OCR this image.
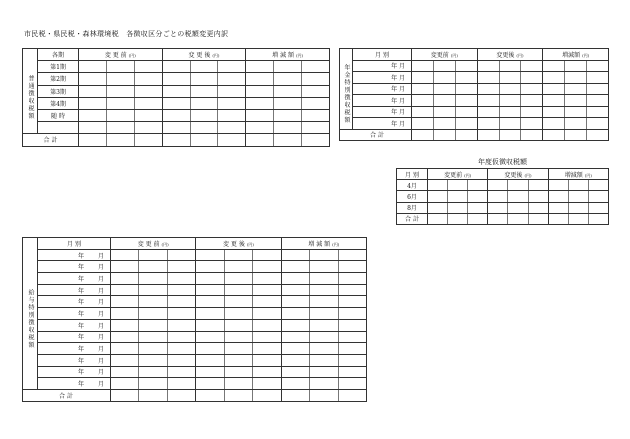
市民税・県民税・森林環境税　各徴収区分ごとの税額変更内訳
	各期	変 更 前 (円)	変 更 後 (円)	増 減 額 (円)
普通徴収税額	第1期	

	第2期	

	第3期	

	第4期	

	随 時	

合 計		

	月 別	変更前 (円)	変更後 (円)	増減額 (円)
年金特別徴収税額	年 月	

	年 月	

	年 月	

	年 月	

	年 月	

	年 月	

合 計		

年度仮徴収税額
月 別	変更前 (円)	変更後 (円)	増減額 (円)
4月	

6月	

8月	

合 計	

	月 別	変 更 前 (円)	変 更 後 (円)	増 減 額 (円)
給与特別徴収税額	年 月	

	年 月	

	年 月	

	年 月	

	年 月	

	年 月	

	年 月	

	年 月	

	年 月	

	年 月	

	年 月	

	年 月	

合 計		
